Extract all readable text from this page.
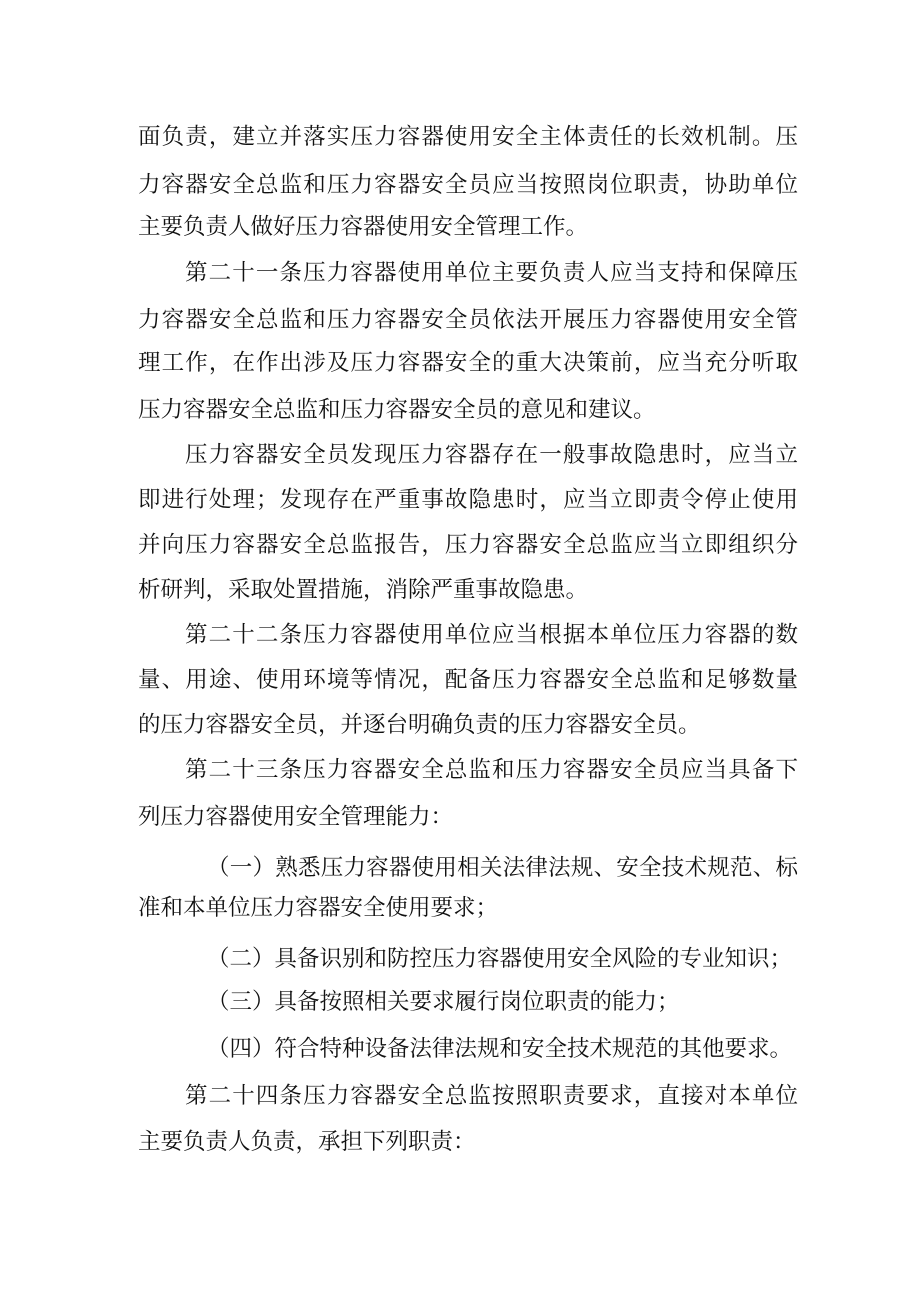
面负责，建立并落实压力容器使用安全主体责任的长效机制。压
力容器安全总监和压力容器安全员应当按照岗位职责，协助单位
主要负责人做好压力容器使用安全管理工作。
第二十一条压力容器使用单位主要负责人应当支持和保障压
力容器安全总监和压力容器安全员依法开展压力容器使用安全管
理工作，在作出涉及压力容器安全的重大决策前，应当充分听取
压力容器安全总监和压力容器安全员的意见和建议。
压力容器安全员发现压力容器存在一般事故隐患时，应当立
即进行处理；发现存在严重事故隐患时，应当立即责令停止使用
并向压力容器安全总监报告，压力容器安全总监应当立即组织分
析研判，采取处置措施，消除严重事故隐患。
第二十二条压力容器使用单位应当根据本单位压力容器的数
量、用途、使用环境等情况，配备压力容器安全总监和足够数量
的压力容器安全员，并逐台明确负责的压力容器安全员。
第二十三条压力容器安全总监和压力容器安全员应当具备下
列压力容器使用安全管理能力：
（一）熟悉压力容器使用相关法律法规、安全技术规范、标
准和本单位压力容器安全使用要求；
（二）具备识别和防控压力容器使用安全风险的专业知识；
（三）具备按照相关要求履行岗位职责的能力；
（四）符合特种设备法律法规和安全技术规范的其他要求。
第二十四条压力容器安全总监按照职责要求，直接对本单位
主要负责人负责，承担下列职责：
